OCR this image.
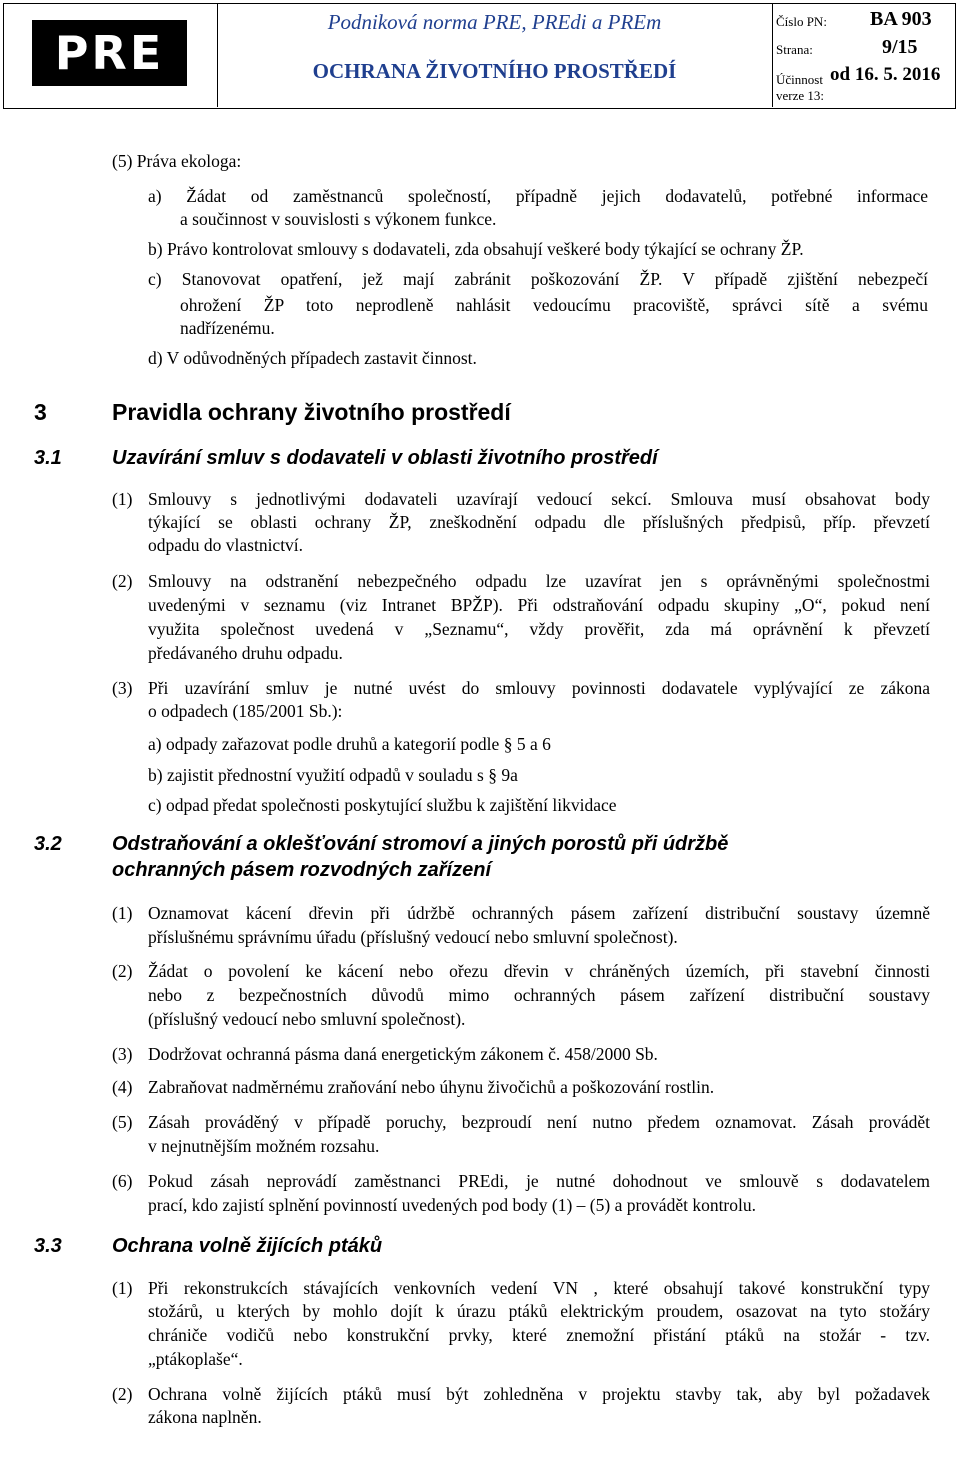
PRE
Podniková norma PRE, PREdi a PREm
OCHRANA ŽIVOTNÍHO PROSTŘEDÍ
Číslo PN: BA 903
Strana:	9/15
Účinnost od 16. 5. 2016
verze 13:
(5) Práva ekologa:
a) Žádat od zaměstnanců společností, případně jejich dodavatelů, potřebné informace
a součinnost v souvislosti s výkonem funkce.
b) Právo kontrolovat smlouvy s dodavateli, zda obsahují veškeré body týkající se ochrany ŽP.
c) Stanovovat opatření, jež mají zabránit poškozování ŽP. V případě zjištění nebezpečí
ohrožení ŽP toto neprodleně nahlásit vedoucímu pracoviště, správci sítě a svému
nadřízenému.
d) V odůvodněných případech zastavit činnost.
3	Pravidla ochrany životního prostředí
3.1	Uzavírání smluv s dodavateli v oblasti životního prostředí
(1) Smlouvy s jednotlivými dodavateli uzavírají vedoucí sekcí. Smlouva musí obsahovat body
týkající se oblasti ochrany ŽP, zneškodnění odpadu dle příslušných předpisů, příp. převzetí
odpadu do vlastnictví.
(2) Smlouvy na odstranění nebezpečného odpadu lze uzavírat jen s oprávněnými společnostmi
uvedenými v seznamu (viz Intranet BPŽP). Při odstraňování odpadu skupiny „O“, pokud není
využita společnost uvedená v „Seznamu“, vždy prověřit, zda má oprávnění k převzetí
předávaného druhu odpadu.
(3) Při uzavírání smluv je nutné uvést do smlouvy povinnosti dodavatele vyplývající ze zákona
o odpadech (185/2001 Sb.):
a) odpady zařazovat podle druhů a kategorií podle § 5 a 6
b) zajistit přednostní využití odpadů v souladu s § 9a
c) odpad předat společnosti poskytující službu k zajištění likvidace
3.2	Odstraňování a oklešťování stromoví a jiných porostů při údržbě
ochranných pásem rozvodných zařízení
(1) Oznamovat kácení dřevin při údržbě ochranných pásem zařízení distribuční soustavy územně
příslušnému správnímu úřadu (příslušný vedoucí nebo smluvní společnost).
(2) Žádat o povolení ke kácení nebo ořezu dřevin v chráněných územích, při stavební činnosti
nebo z bezpečnostních důvodů mimo ochranných pásem zařízení distribuční soustavy
(příslušný vedoucí nebo smluvní společnost).
(3) Dodržovat ochranná pásma daná energetickým zákonem č. 458/2000 Sb.
(4) Zabraňovat nadměrnému zraňování nebo úhynu živočichů a poškozování rostlin.
(5) Zásah prováděný v případě poruchy, bezproudí není nutno předem oznamovat. Zásah provádět
v nejnutnějším možném rozsahu.
(6) Pokud zásah neprovádí zaměstnanci PREdi, je nutné dohodnout ve smlouvě s dodavatelem
prací, kdo zajistí splnění povinností uvedených pod body (1) – (5) a provádět kontrolu.
3.3	Ochrana volně žijících ptáků
(1) Při rekonstrukcích stávajících venkovních vedení VN , které obsahují takové konstrukční typy
stožárů, u kterých by mohlo dojít k úrazu ptáků elektrickým proudem, osazovat na tyto stožáry
chrániče vodičů nebo konstrukční prvky, které znemožní přistání ptáků na stožár - tzv.
„ptákoplaše“.
(2) Ochrana volně žijících ptáků musí být zohledněna v projektu stavby tak, aby byl požadavek
zákona naplněn.
